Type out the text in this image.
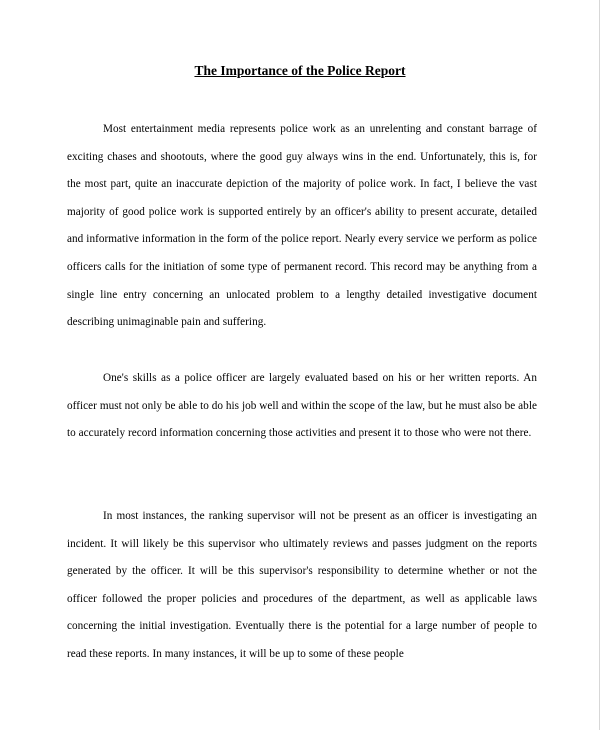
The Importance of the Police Report

Most entertainment media represents police work as an unrelenting and constant barrage of exciting chases and shootouts, where the good guy always wins in the end. Unfortunately, this is, for the most part, quite an inaccurate depiction of the majority of police work. In fact, I believe the vast majority of good police work is supported entirely by an officer's ability to present accurate, detailed and informative information in the form of the police report. Nearly every service we perform as police officers calls for the initiation of some type of permanent record. This record may be anything from a single line entry concerning an unlocated problem to a lengthy detailed investigative document describing unimaginable pain and suffering.

One's skills as a police officer are largely evaluated based on his or her written reports. An officer must not only be able to do his job well and within the scope of the law, but he must also be able to accurately record information concerning those activities and present it to those who were not there.

In most instances, the ranking supervisor will not be present as an officer is investigating an incident. It will likely be this supervisor who ultimately reviews and passes judgment on the reports generated by the officer. It will be this supervisor's responsibility to determine whether or not the officer followed the proper policies and procedures of the department, as well as applicable laws concerning the initial investigation. Eventually there is the potential for a large number of people to read these reports. In many instances, it will be up to some of these people
